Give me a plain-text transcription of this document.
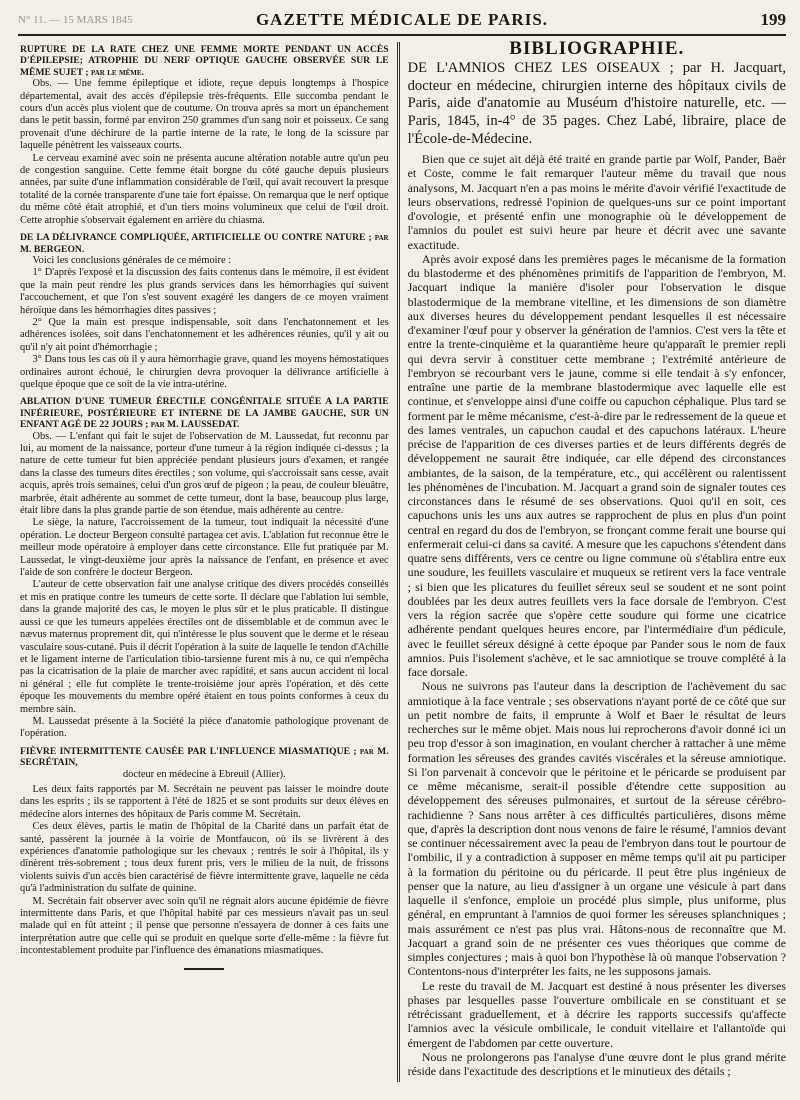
N° 11. — 15 MARS 1845	GAZETTE MÉDICALE DE PARIS.	199

RUPTURE DE LA RATE CHEZ UNE FEMME MORTE PENDANT UN ACCÈS D'ÉPILEPSIE; ATROPHIE DU NERF OPTIQUE GAUCHE OBSERVÉE SUR LE MÊME SUJET ; par le même.

Obs. — Une femme épileptique et idiote, reçue depuis longtemps à l'hospice départemental, avait des accès d'épilepsie très-fréquents. Elle succomba pendant le cours d'un accès plus violent que de coutume. On trouva après sa mort un épanchement dans le petit bassin, formé par environ 250 grammes d'un sang noir et poisseux. Ce sang provenait d'une déchirure de la partie interne de la rate, le long de la scissure par laquelle pénètrent les vaisseaux courts.

Le cerveau examiné avec soin ne présenta aucune altération notable autre qu'un peu de congestion sanguine. Cette femme était borgne du côté gauche depuis plusieurs années, par suite d'une inflammation considérable de l'œil, qui avait recouvert la presque totalité de la cornée transparente d'une taie fort épaisse. On remarqua que le nerf optique du même côté était atrophié, et d'un tiers moins volumineux que celui de l'œil droit. Cette atrophie s'observait également en arrière du chiasma.

DE LA DÉLIVRANCE COMPLIQUÉE, ARTIFICIELLE OU CONTRE NATURE ; par M. BERGEON.

Voici les conclusions générales de ce mémoire :

1° D'après l'exposé et la discussion des faits contenus dans le mémoire, il est évident que la main peut rendre les plus grands services dans les hémorrhagies qui suivent l'accouchement, et que l'on s'est souvent exagéré les dangers de ce moyen vraiment héroïque dans les hémorrhagies dites passives ;

2° Que la main est presque indispensable, soit dans l'enchatonnement et les adhérences isolées, soit dans l'enchatonnement et les adhérences réunies, qu'il y ait ou qu'il n'y ait point d'hémorrhagie ;

3° Dans tous les cas où il y aura hémorrhagie grave, quand les moyens hémostatiques ordinaires auront échoué, le chirurgien devra provoquer la délivrance artificielle à quelque époque que ce soit de la vie intra-utérine.

ABLATION D'UNE TUMEUR ÉRECTILE CONGÉNITALE SITUÉE A LA PARTIE INFÉRIEURE, POSTÉRIEURE ET INTERNE DE LA JAMBE GAUCHE, SUR UN ENFANT AGÉ DE 22 JOURS ; par M. LAUSSEDAT.

Obs. — L'enfant qui fait le sujet de l'observation de M. Laussedat, fut reconnu par lui, au moment de la naissance, porteur d'une tumeur à la région indiquée ci-dessus ; la nature de cette tumeur fut bien appréciée pendant plusieurs jours d'examen, et rangée dans la classe des tumeurs dites érectiles ; son volume, qui s'accroissait sans cesse, avait acquis, après trois semaines, celui d'un gros œuf de pigeon ; la peau, de couleur bleuâtre, marbrée, était adhérente au sommet de cette tumeur, dont la base, beaucoup plus large, était libre dans la plus grande partie de son étendue, mais adhérente au centre.

Le siège, la nature, l'accroissement de la tumeur, tout indiquait la nécessité d'une opération. Le docteur Bergeon consulté partagea cet avis. L'ablation fut reconnue être le meilleur mode opératoire à employer dans cette circonstance. Elle fut pratiquée par M. Laussedat, le vingt-deuxième jour après la naissance de l'enfant, en présence et avec l'aide de son confrère le docteur Bergeon.

L'auteur de cette observation fait une analyse critique des divers procédés conseillés et mis en pratique contre les tumeurs de cette sorte. Il déclare que l'ablation lui semble, dans la grande majorité des cas, le moyen le plus sûr et le plus praticable. Il distingue aussi ce que les tumeurs appelées érectiles ont de dissemblable et de commun avec le nævus maternus proprement dit, qui n'intéresse le plus souvent que le derme et le réseau vasculaire sous-cutané. Puis il décrit l'opération à la suite de laquelle le tendon d'Achille et le ligament interne de l'articulation tibio-tarsienne furent mis à nu, ce qui n'empêcha pas la cicatrisation de la plaie de marcher avec rapidité, et sans aucun accident ni local ni général ; elle fut complète le trente-troisième jour après l'opération, et dès cette époque les mouvements du membre opéré étaient en tous points conformes à ceux du membre sain.

M. Laussedat présente à la Société la pièce d'anatomie pathologique provenant de l'opération.

FIÈVRE INTERMITTENTE CAUSÉE PAR L'INFLUENCE MIASMATIQUE ; par M. SECRÉTAIN,

docteur en médecine à Ebreuil (Allier).

Les deux faits rapportés par M. Secrétain ne peuvent pas laisser le moindre doute dans les esprits ; ils se rapportent à l'été de 1825 et se sont produits sur deux élèves en médecine alors internes des hôpitaux de Paris comme M. Secrétain.

Ces deux élèves, partis le matin de l'hôpital de la Charité dans un parfait état de santé, passèrent la journée à la voirie de Montfaucon, où ils se livrèrent à des expériences d'anatomie pathologique sur les chevaux ; rentrés le soir à l'hôpital, ils y dînèrent très-sobrement ; tous deux furent pris, vers le milieu de la nuit, de frissons violents suivis d'un accès bien caractérisé de fièvre intermittente grave, laquelle ne céda qu'à l'administration du sulfate de quinine.

M. Secrétain fait observer avec soin qu'il ne régnait alors aucune épidémie de fièvre intermittente dans Paris, et que l'hôpital habité par ces messieurs n'avait pas un seul malade qui en fût atteint ; il pense que personne n'essayera de donner à ces faits une interprétation autre que celle qui se produit en quelque sorte d'elle-même : la fièvre fut incontestablement produite par l'influence des émanations miasmatiques.

BIBLIOGRAPHIE.

DE L'AMNIOS CHEZ LES OISEAUX ; par H. Jacquart, docteur en médecine, chirurgien interne des hôpitaux civils de Paris, aide d'anatomie au Muséum d'histoire naturelle, etc. — Paris, 1845, in-4° de 35 pages. Chez Labé, libraire, place de l'École-de-Médecine.

Bien que ce sujet ait déjà été traité en grande partie par Wolf, Pander, Baër et Coste, comme le fait remarquer l'auteur même du travail que nous analysons, M. Jacquart n'en a pas moins le mérite d'avoir vérifié l'exactitude de leurs observations, redressé l'opinion de quelques-uns sur ce point important d'ovologie, et présenté enfin une monographie où le développement de l'amnios du poulet est suivi heure par heure et décrit avec une savante exactitude.

Après avoir exposé dans les premières pages le mécanisme de la formation du blastoderme et des phénomènes primitifs de l'apparition de l'embryon, M. Jacquart indique la manière d'isoler pour l'observation le disque blastodermique de la membrane vitelline, et les dimensions de son diamètre aux diverses heures du développement pendant lesquelles il est nécessaire d'examiner l'œuf pour y observer la génération de l'amnios. C'est vers la tête et entre la trente-cinquième et la quarantième heure qu'apparaît le premier repli qui devra servir à constituer cette membrane ; l'extrémité antérieure de l'embryon se recourbant vers le jaune, comme si elle tendait à s'y enfoncer, entraîne une partie de la membrane blastodermique avec laquelle elle est continue, et s'enveloppe ainsi d'une coiffe ou capuchon céphalique. Plus tard se forment par le même mécanisme, c'est-à-dire par le redressement de la queue et des lames ventrales, un capuchon caudal et des capuchons latéraux. L'heure précise de l'apparition de ces diverses parties et de leurs différents degrés de développement ne saurait être indiquée, car elle dépend des circonstances ambiantes, de la saison, de la température, etc., qui accélèrent ou ralentissent les phénomènes de l'incubation. M. Jacquart a grand soin de signaler toutes ces circonstances dans le résumé de ses observations. Quoi qu'il en soit, ces capuchons unis les uns aux autres se rapprochent de plus en plus d'un point central en regard du dos de l'embryon, se fronçant comme ferait une bourse qui enfermerait celui-ci dans sa cavité. A mesure que les capuchons s'étendent dans quatre sens différents, vers ce centre ou ligne commune où s'établira entre eux une soudure, les feuillets vasculaire et muqueux se retirent vers la face ventrale ; si bien que les plicatures du feuillet séreux seul se soudent et ne sont point doublées par les deux autres feuillets vers la face dorsale de l'embryon. C'est vers la région sacrée que s'opère cette soudure qui forme une cicatrice adhérente pendant quelques heures encore, par l'intermédiaire d'un pédicule, avec le feuillet séreux désigné à cette époque par Pander sous le nom de faux amnios. Puis l'isolement s'achève, et le sac amniotique se trouve complété à la face dorsale.

Nous ne suivrons pas l'auteur dans la description de l'achèvement du sac amniotique à la face ventrale ; ses observations n'ayant porté de ce côté que sur un petit nombre de faits, il emprunte à Wolf et Baer le résultat de leurs recherches sur le même objet. Mais nous lui reprocherons d'avoir donné ici un peu trop d'essor à son imagination, en voulant chercher à rattacher à une même formation les séreuses des grandes cavités viscérales et la séreuse amniotique. Si l'on parvenait à concevoir que le péritoine et le péricarde se produisent par ce même mécanisme, serait-il possible d'étendre cette supposition au développement des séreuses pulmonaires, et surtout de la séreuse cérébro-rachidienne ? Sans nous arrêter à ces difficultés particulières, disons même que, d'après la description dont nous venons de faire le résumé, l'amnios devant se continuer nécessairement avec la peau de l'embryon dans tout le pourtour de l'ombilic, il y a contradiction à supposer en même temps qu'il ait pu participer à la formation du péritoine ou du péricarde. Il peut être plus ingénieux de penser que la nature, au lieu d'assigner à un organe une vésicule à part dans laquelle il s'enfonce, emploie un procédé plus simple, plus uniforme, plus général, en empruntant à l'amnios de quoi former les séreuses splanchniques ; mais assurément ce n'est pas plus vrai. Hâtons-nous de reconnaître que M. Jacquart a grand soin de ne présenter ces vues théoriques que comme de simples conjectures ; mais à quoi bon l'hypothèse là où manque l'observation ? Contentons-nous d'interpréter les faits, ne les supposons jamais.

Le reste du travail de M. Jacquart est destiné à nous présenter les diverses phases par lesquelles passe l'ouverture ombilicale en se constituant et se rétrécissant graduellement, et à décrire les rapports successifs qu'affecte l'amnios avec la vésicule ombilicale, le conduit vitellaire et l'allantoïde qui émergent de l'abdomen par cette ouverture.

Nous ne prolongerons pas l'analyse d'une œuvre dont le plus grand mérite réside dans l'exactitude des descriptions et le minutieux des détails ;
